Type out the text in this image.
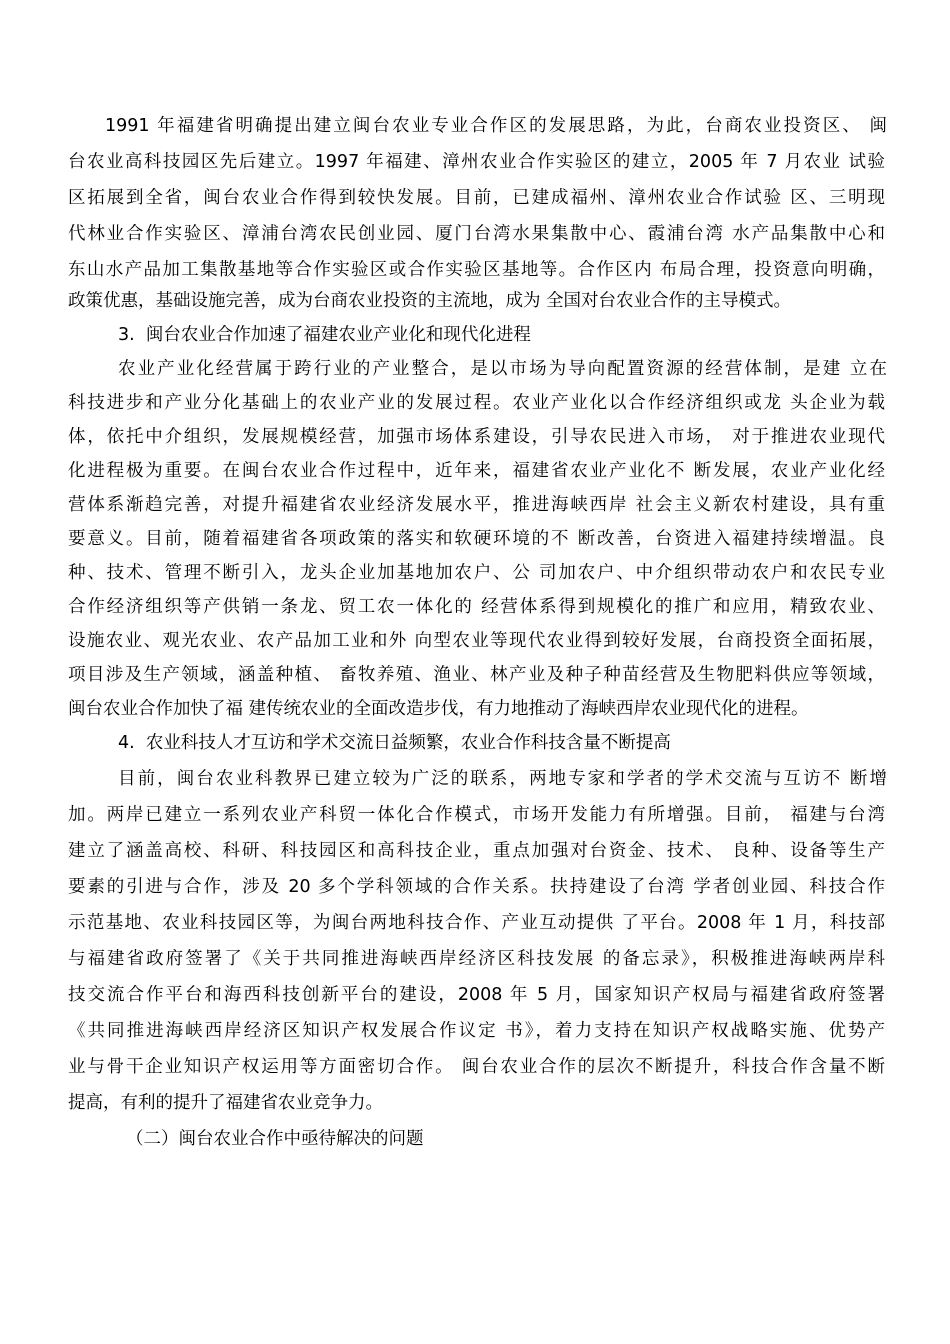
1991 年福建省明确提出建立闽台农业专业合作区的发展思路，为此，台商农业投资区、 闽
台农业高科技园区先后建立。1997 年福建、漳州农业合作实验区的建立，2005 年 7 月农业 试验
区拓展到全省，闽台农业合作得到较快发展。目前，已建成福州、漳州农业合作试验 区、三明现
代林业合作实验区、漳浦台湾农民创业园、厦门台湾水果集散中心、霞浦台湾 水产品集散中心和
东山水产品加工集散基地等合作实验区或合作实验区基地等。合作区内 布局合理，投资意向明确，
政策优惠，基础设施完善，成为台商农业投资的主流地，成为 全国对台农业合作的主导模式。
3.  闽台农业合作加速了福建农业产业化和现代化进程
农业产业化经营属于跨行业的产业整合，是以市场为导向配置资源的经营体制，是建 立在
科技进步和产业分化基础上的农业产业的发展过程。农业产业化以合作经济组织或龙 头企业为载
体，依托中介组织，发展规模经营，加强市场体系建设，引导农民进入市场， 对于推进农业现代
化进程极为重要。在闽台农业合作过程中，近年来，福建省农业产业化不 断发展，农业产业化经
营体系渐趋完善，对提升福建省农业经济发展水平，推进海峡西岸 社会主义新农村建设，具有重
要意义。目前，随着福建省各项政策的落实和软硬环境的不 断改善，台资进入福建持续增温。良
种、技术、管理不断引入，龙头企业加基地加农户、公 司加农户、中介组织带动农户和农民专业
合作经济组织等产供销一条龙、贸工农一体化的 经营体系得到规模化的推广和应用，精致农业、
设施农业、观光农业、农产品加工业和外 向型农业等现代农业得到较好发展，台商投资全面拓展，
项目涉及生产领域，涵盖种植、 畜牧养殖、渔业、林产业及种子种苗经营及生物肥料供应等领域，
闽台农业合作加快了福 建传统农业的全面改造步伐，有力地推动了海峡西岸农业现代化的进程。
4.  农业科技人才互访和学术交流日益频繁，农业合作科技含量不断提高
目前，闽台农业科教界已建立较为广泛的联系，两地专家和学者的学术交流与互访不 断增
加。两岸已建立一系列农业产科贸一体化合作模式，市场开发能力有所增强。目前， 福建与台湾
建立了涵盖高校、科研、科技园区和高科技企业，重点加强对台资金、技术、 良种、设备等生产
要素的引进与合作，涉及 20 多个学科领域的合作关系。扶持建设了台湾 学者创业园、科技合作
示范基地、农业科技园区等，为闽台两地科技合作、产业互动提供 了平台。2008 年 1 月，科技部
与福建省政府签署了《关于共同推进海峡西岸经济区科技发展 的备忘录》，积极推进海峡两岸科
技交流合作平台和海西科技创新平台的建设，2008 年 5 月，国家知识产权局与福建省政府签署
《共同推进海峡西岸经济区知识产权发展合作议定 书》，着力支持在知识产权战略实施、优势产
业与骨干企业知识产权运用等方面密切合作。 闽台农业合作的层次不断提升，科技合作含量不断
提高，有利的提升了福建省农业竞争力。
（二）闽台农业合作中亟待解决的问题
